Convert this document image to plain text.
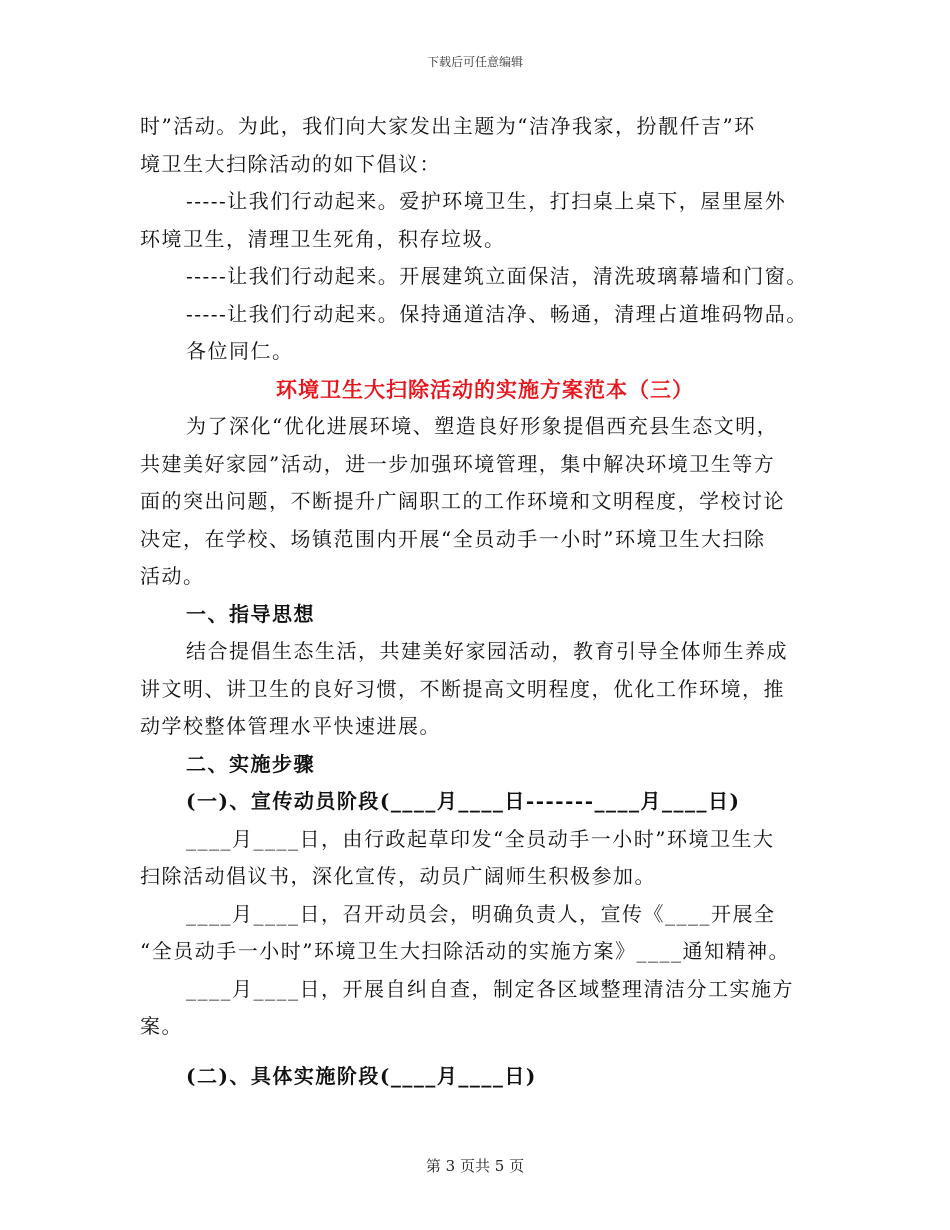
下载后可任意编辑
时”活动。为此，我们向大家发出主题为“洁净我家，扮靓仟吉”环
境卫生大扫除活动的如下倡议：
-----让我们行动起来。爱护环境卫生，打扫桌上桌下，屋里屋外
环境卫生，清理卫生死角，积存垃圾。
-----让我们行动起来。开展建筑立面保洁，清洗玻璃幕墙和门窗。
-----让我们行动起来。保持通道洁净、畅通，清理占道堆码物品。
各位同仁。
环境卫生大扫除活动的实施方案范本（三）
为了深化“优化进展环境、塑造良好形象提倡西充县生态文明，
共建美好家园”活动，进一步加强环境管理，集中解决环境卫生等方
面的突出问题，不断提升广阔职工的工作环境和文明程度，学校讨论
决定，在学校、场镇范围内开展“全员动手一小时”环境卫生大扫除
活动。
一、指导思想
结合提倡生态生活，共建美好家园活动，教育引导全体师生养成
讲文明、讲卫生的良好习惯，不断提高文明程度，优化工作环境，推
动学校整体管理水平快速进展。
二、实施步骤
(一)、宣传动员阶段(____月____日-------____月____日)
____月____日，由行政起草印发“全员动手一小时”环境卫生大
扫除活动倡议书，深化宣传，动员广阔师生积极参加。
____月____日，召开动员会，明确负责人，宣传《____开展全
“全员动手一小时”环境卫生大扫除活动的实施方案》____通知精神。
____月____日，开展自纠自查，制定各区域整理清洁分工实施方
案。
(二)、具体实施阶段(____月____日)
第 3 页共 5 页
